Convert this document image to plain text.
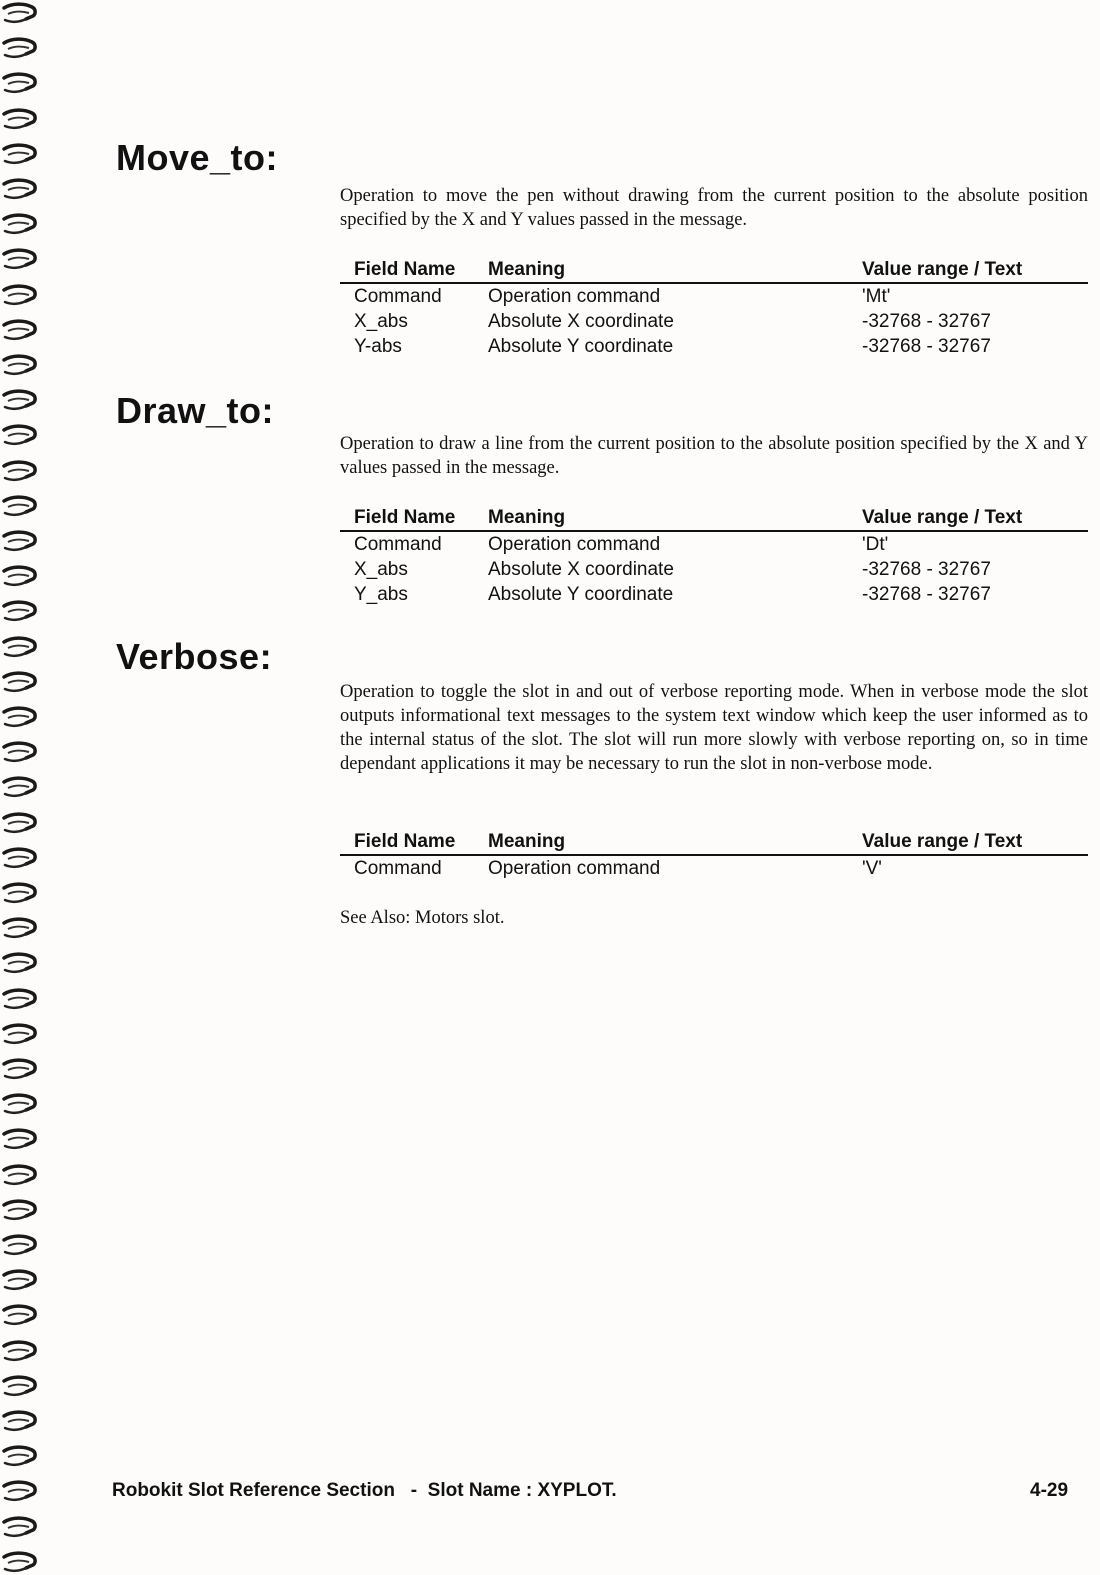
Move_to:

Operation to move the pen without drawing from the current position to the absolute position specified by the X and Y values passed in the message.

Field Name	Meaning	Value range / Text
Command	Operation command	'Mt'
X_abs	Absolute X coordinate	-32768 - 32767
Y-abs	Absolute Y coordinate	-32768 - 32767
Draw_to:

Operation to draw a line from the current position to the absolute position specified by the X and Y values passed in the message.

Field Name	Meaning	Value range / Text
Command	Operation command	'Dt'
X_abs	Absolute X coordinate	-32768 - 32767
Y_abs	Absolute Y coordinate	-32768 - 32767
Verbose:

Operation to toggle the slot in and out of verbose reporting mode. When in verbose mode the slot outputs informational text messages to the system text window which keep the user informed as to the internal status of the slot. The slot will run more slowly with verbose reporting on, so in time dependant applications it may be necessary to run the slot in non-verbose mode.

Field Name	Meaning	Value range / Text
Command	Operation command	'V'

See Also: Motors slot.

Robokit Slot Reference Section   -  Slot Name : XYPLOT.	4-29
